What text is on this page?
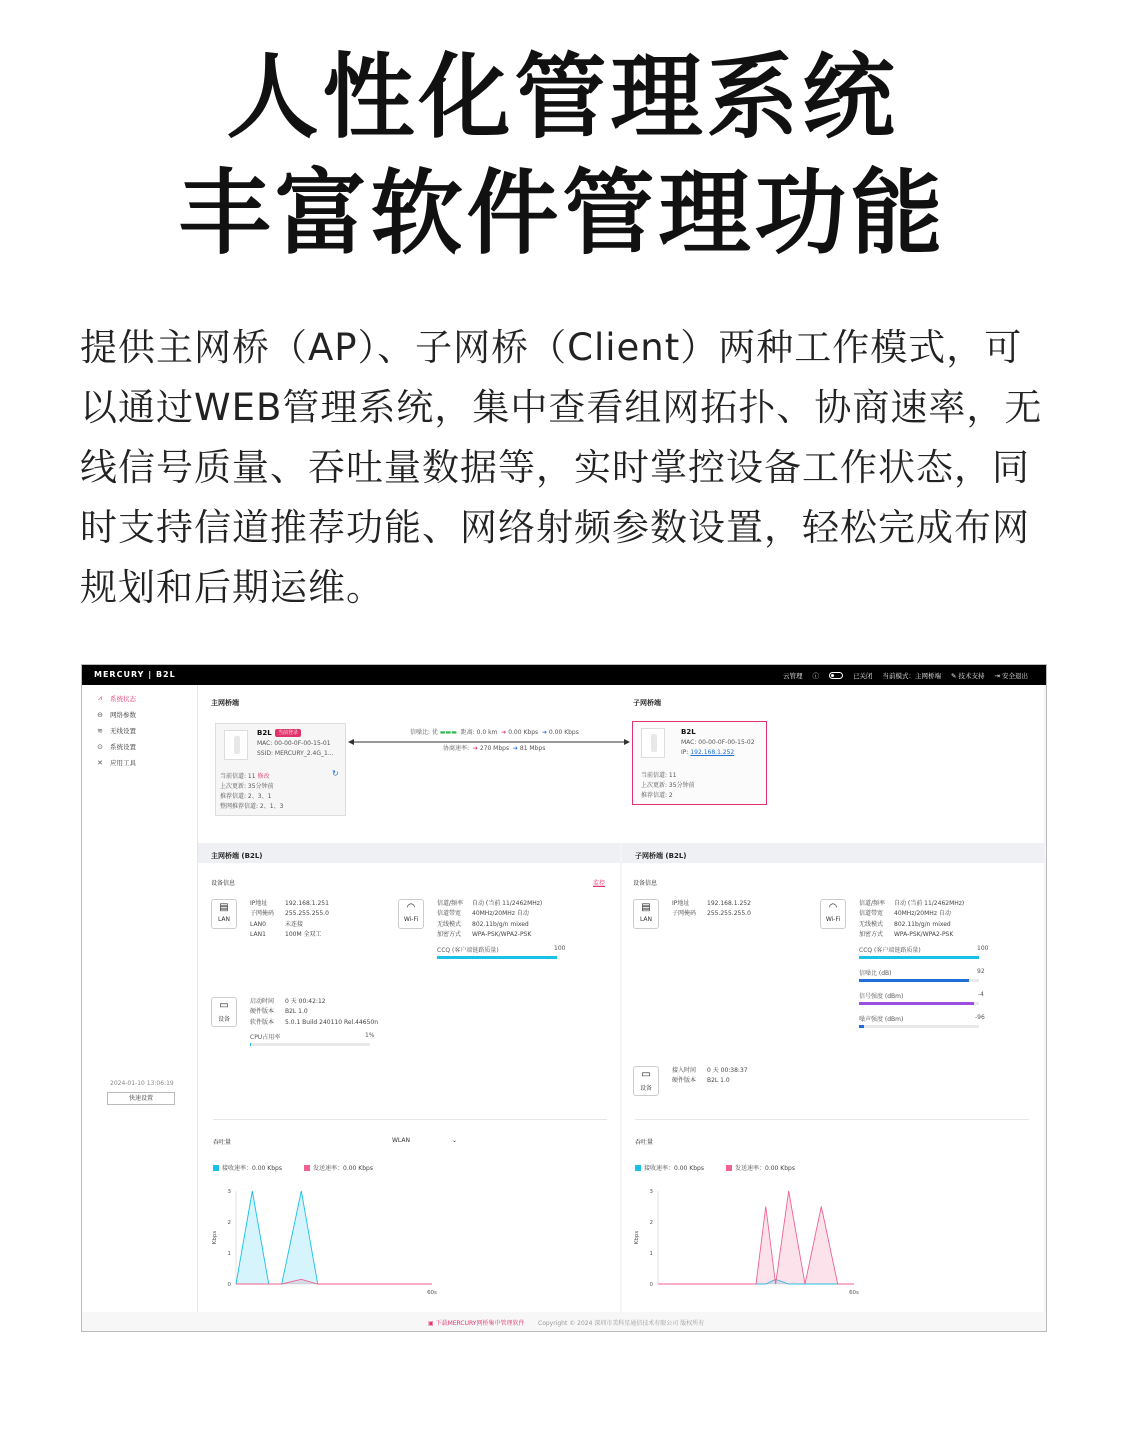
人性化管理系统
丰富软件管理功能
提供主网桥（AP）、子网桥（Client）两种工作模式，可以通过WEB管理系统，集中查看组网拓扑、协商速率，无线信号质量、吞吐量数据等，实时掌控设备工作状态，同时支持信道推荐功能、网络射频参数设置，轻松完成布网规划和后期运维。
MERCURY | B2L	云管理 ⓘ	已关闭 当前模式：主网桥端 ✎ 技术支持 ⇥ 安全退出
⩘	系统状态
⊖ 网络参数
≋ 无线设置
⊙ 系统设置
✕ 应用工具
2024-01-10 13:06:19
快速设置
主网桥端	子网桥端
B2L	当前登录
MAC: 00-00-0F-00-15-01
SSID: MERCURY_2.4G_1...
当前信道: 11 修改	↻
上次更新: 35分钟前
推荐信道: 2、3、1
整网推荐信道: 2、1、3
信噪比: 优 ▬▬▬ 距离: 0.0 km ➔ 0.00 Kbps ➔ 0.00 Kbps
协商速率: ➔ 270 Mbps ➔ 81 Mbps
B2L
MAC: 00-00-0F-00-15-02
IP: 192.168.1.252
当前信道: 11
上次更新: 35分钟前
推荐信道: 2
主网桥端 (B2L)
设备信息	监控
▤
LAN
IP地址
子网掩码
LAN0
LAN1
192.168.1.251
255.255.255.0
未连接
100M 全双工
◠
Wi-Fi
信道/频率
信道带宽
无线模式
加密方式
自动 (当前 11/2462MHz)
40MHz/20MHz 自动
802.11b/g/n mixed
WPA-PSK/WPA2-PSK
CCQ (客户端链路质量)	100
▭
设备
启动时间
硬件版本
软件版本
0 天 00:42:12
B2L 1.0
5.0.1 Build 240110 Rel.44650n
CPU占用率	1%
吞吐量	WLAN	⌄
接收速率：0.00 Kbps	发送速率：0.00 Kbps
0
1
2
3
Kbps
60s
子网桥端 (B2L)
设备信息
▤
LAN
IP地址
子网掩码
192.168.1.252
255.255.255.0
◠
Wi-Fi
信道/频率
信道带宽
无线模式
加密方式
自动 (当前 11/2462MHz)
40MHz/20MHz 自动
802.11b/g/n mixed
WPA-PSK/WPA2-PSK
CCQ (客户端链路质量)	100
信噪比 (dB)	92
信号强度 (dBm)	-4
噪声强度 (dBm)	-96
▭
设备
接入时间
硬件版本
0 天 00:38:37
B2L 1.0
吞吐量
接收速率：0.00 Kbps	发送速率：0.00 Kbps
0
1
2
3
Kbps
60s
▣ 下载MERCURY网桥集中管理软件 Copyright © 2024 深圳市美科星通信技术有限公司 版权所有
